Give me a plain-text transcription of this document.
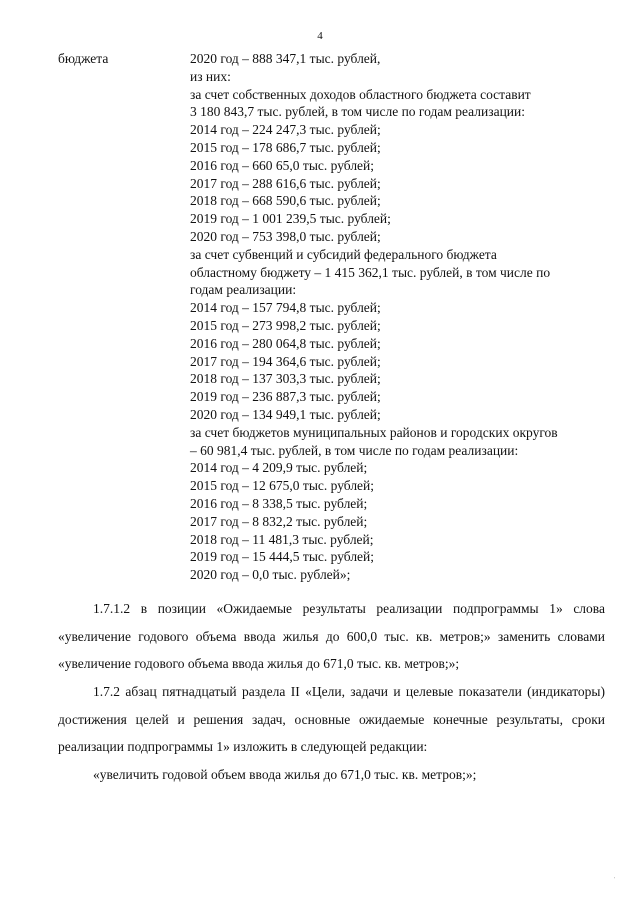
4
бюджета	2020 год – 888 347,1 тыс. рублей,
из них:
за счет собственных доходов областного бюджета составит
3 180 843,7 тыс. рублей, в том числе по годам реализации:
2014 год – 224 247,3 тыс. рублей;
2015 год – 178 686,7 тыс. рублей;
2016 год – 660 65,0 тыс. рублей;
2017 год – 288 616,6 тыс. рублей;
2018 год – 668 590,6 тыс. рублей;
2019 год – 1 001 239,5 тыс. рублей;
2020 год – 753 398,0 тыс. рублей;
за счет субвенций и субсидий федерального бюджета
областному бюджету – 1 415 362,1 тыс. рублей, в том числе по
годам реализации:
2014 год – 157 794,8 тыс. рублей;
2015 год – 273 998,2 тыс. рублей;
2016 год – 280 064,8 тыс. рублей;
2017 год – 194 364,6 тыс. рублей;
2018 год – 137 303,3 тыс. рублей;
2019 год – 236 887,3 тыс. рублей;
2020 год – 134 949,1 тыс. рублей;
за счет бюджетов муниципальных районов и городских округов
– 60 981,4 тыс. рублей, в том числе по годам реализации:
2014 год – 4 209,9 тыс. рублей;
2015 год – 12 675,0 тыс. рублей;
2016 год – 8 338,5 тыс. рублей;
2017 год – 8 832,2 тыс. рублей;
2018 год – 11 481,3 тыс. рублей;
2019 год – 15 444,5 тыс. рублей;
2020 год – 0,0 тыс. рублей»;

1.7.1.2 в позиции «Ожидаемые результаты реализации подпрограммы 1» слова «увеличение годового объема ввода жилья до 600,0 тыс. кв. метров;» заменить словами «увеличение годового объема ввода жилья до 671,0 тыс. кв. метров;»;

1.7.2 абзац пятнадцатый раздела II «Цели, задачи и целевые показатели (индикаторы) достижения целей и решения задач, основные ожидаемые конечные результаты, сроки реализации подпрограммы 1» изложить в следующей редакции:

«увеличить годовой объем ввода жилья до 671,0 тыс. кв. метров;»;

'
